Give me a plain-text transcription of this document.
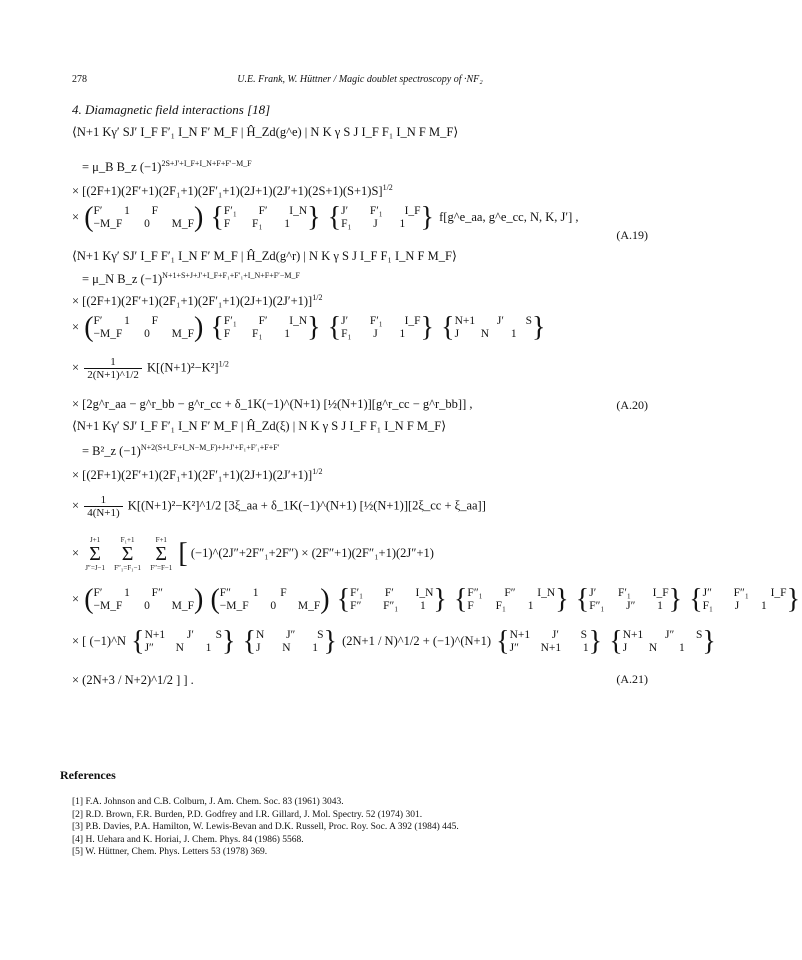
278	U.E. Frank, W. Hüttner / Magic doublet spectroscopy of ·NF₂
4. Diamagnetic field interactions [18]
⟨N+1 Kγ′ SJ′ I_F F′₁ I_N F′ M_F | Ĥ_Zd(g^e) | N K γ S J I_F F₁ I_N F M_F⟩
= μ_B B_z $(-1)^{2S+J'+I\_F+I\_N+F+F'-M\_F}$
× $[(2F+1)(2F'+1)(2F_1+1)(2F'_1+1)(2J+1)(2J'+1)(2S+1)(S+1)S]^{1/2}$
× ( F′  1  F
−M_F  0  M_F ) { F′₁  F′  I_N
F  F₁  1 } { J′  F′₁  I_F
F₁  J  1 } f[g^e_aa, g^e_cc, N, K, J′] ,
(A.19)
⟨N+1 Kγ′ SJ′ I_F F′₁ I_N F′ M_F | Ĥ_Zd(g^r) | N K γ S J I_F F₁ I_N F M_F⟩
= μ_N B_z $(-1)^{N+1+S+J+J'+I\_F+F_1+F'_1+I\_N+F+F'-M\_F}$
× $[(2F+1)(2F'+1)(2F_1+1)(2F'_1+1)(2J+1)(2J'+1)]^{1/2}$
× ( F′  1  F
−M_F  0  M_F ) { F′₁  F′  I_N
F  F₁  1 } { J′  F′₁  I_F
F₁  J  1 } { N+1  J′  S
J  N  1 }
× $\frac{1}{2(N+1)\^{}1/2} K[(N+1)^2-K^2]^{1/2}$
× [2g^r_aa − g^r_bb − g^r_cc + δ_1K(−1)^(N+1) [½(N+1)][g^r_cc − g^r_bb]] ,	(A.20)
⟨N+1 Kγ′ SJ′ I_F F′₁ I_N F′ M_F | Ĥ_Zd(ξ) | N K γ S J I_F F₁ I_N F M_F⟩
= B²_z $(-1)^{N+2(S+I\_F+I\_N-M\_F)+J+J'+F_1+F'_1+F+F'}$
× $[(2F+1)(2F'+1)(2F_1+1)(2F'_1+1)(2J+1)(2J'+1)]^{1/2}$
× $\frac{1}{4(N+1)}$ K[(N+1)²−K²]^1/2 [3ξ_aa + δ_1K(−1)^(N+1) [½(N+1)][2ξ_cc + ξ_aa]]
×
J+1
Σ
J″=J−1

F₁+1
Σ
F″₁=F₁−1

F+1
Σ
F″=F−1 [ (−1)^(2J″+2F″₁+2F″) × (2F″+1)(2F″₁+1)(2J″+1)
× ( F′  1  F″
−M_F  0  M_F ) ( F″  1  F
−M_F  0  M_F ) { F′₁  F′  I_N
F″  F″₁  1 } { F″₁  F″  I_N
F  F₁  1 } { J′  F′₁  I_F
F″₁  J″  1 } { J″  F″₁  I_F
F₁  J  1 }
× [ (−1)^N { N+1  J′  S
J″  N  1 } { N  J″  S
J  N  1 } (2N+1 / N)^1/2 + (−1)^(N+1) { N+1  J′  S
J″  N+1  1 } { N+1  J″  S
J  N  1 }
× (2N+3 / N+2)^1/2 ] ] .	(A.21)
References
[1] F.A. Johnson and C.B. Colburn, J. Am. Chem. Soc. 83 (1961) 3043.
[2] R.D. Brown, F.R. Burden, P.D. Godfrey and I.R. Gillard, J. Mol. Spectry. 52 (1974) 301.
[3] P.B. Davies, P.A. Hamilton, W. Lewis-Bevan and D.K. Russell, Proc. Roy. Soc. A 392 (1984) 445.
[4] H. Uehara and K. Horiai, J. Chem. Phys. 84 (1986) 5568.
[5] W. Hüttner, Chem. Phys. Letters 53 (1978) 369.
